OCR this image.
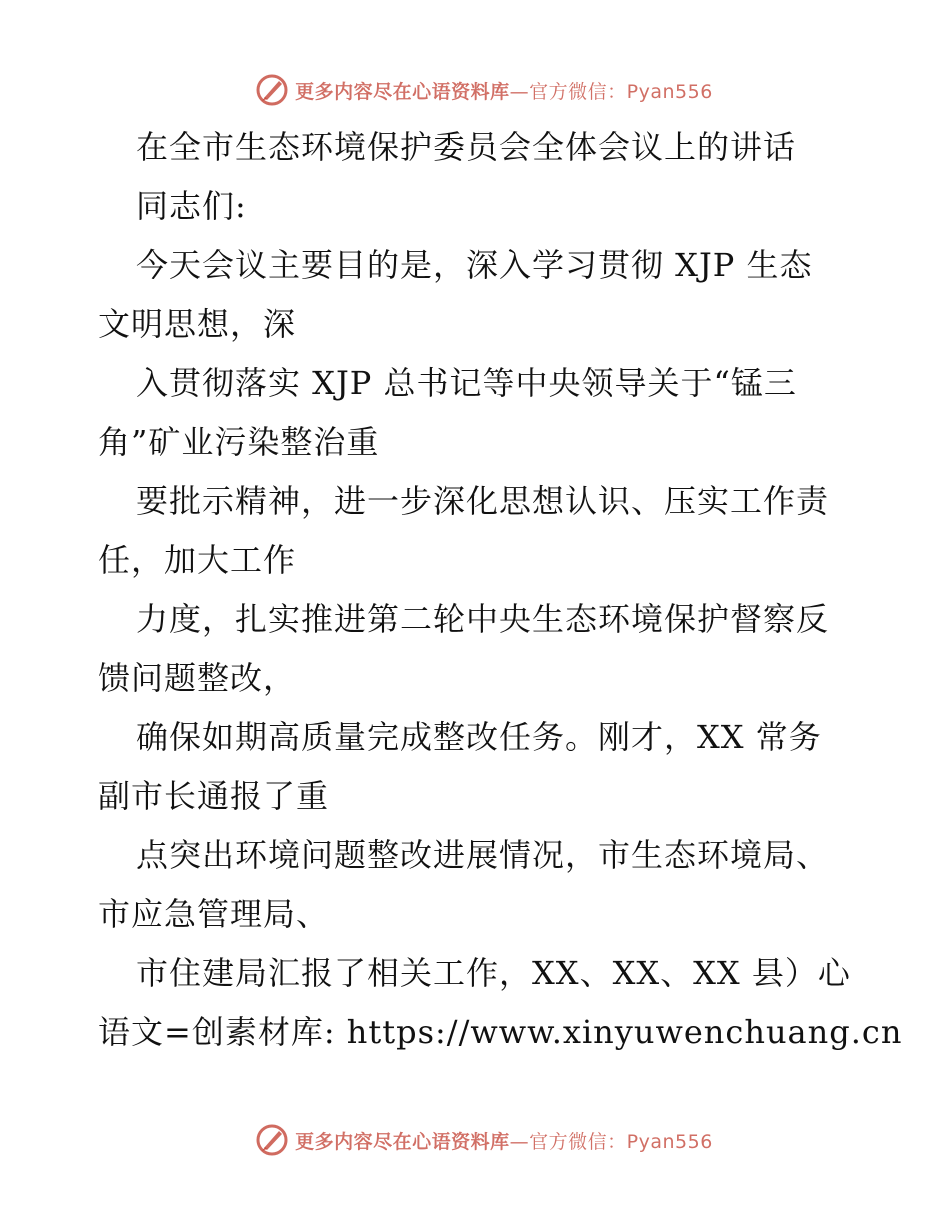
更多内容尽在心语资料库—官方微信：Pyan556
在全市生态环境保护委员会全体会议上的讲话
同志们:
今天会议主要目的是，深入学习贯彻 XJP 生态
文明思想，深
入贯彻落实 XJP 总书记等中央领导关于“锰三
角”矿业污染整治重
要批示精神，进一步深化思想认识、压实工作责
任，加大工作
力度，扎实推进第二轮中央生态环境保护督察反
馈问题整改，
确保如期高质量完成整改任务。刚才，XX 常务
副市长通报了重
点突出环境问题整改进展情况，市生态环境局、
市应急管理局、
市住建局汇报了相关工作，XX、XX、XX 县）心
语文=创素材库: https://www.xinyuwenchuang.cn
更多内容尽在心语资料库—官方微信：Pyan556
